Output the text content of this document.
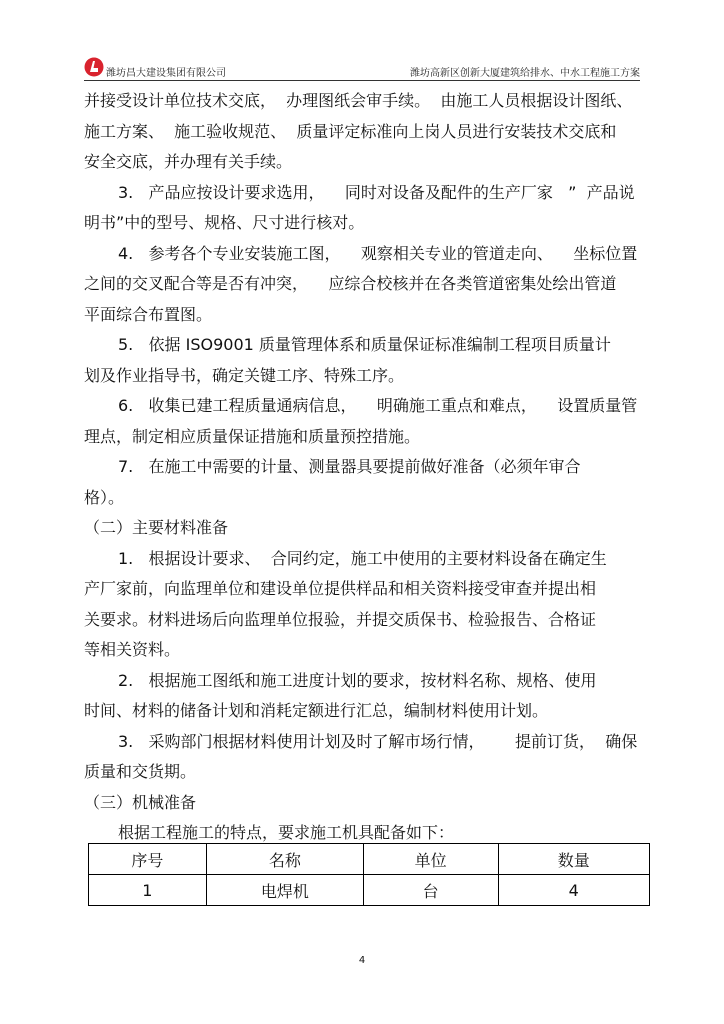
潍坊昌大建设集团有限公司	潍坊高新区创新大厦建筑给排水、中水工程施工方案
并接受设计单位技术交底，  办理图纸会审手续。  由施工人员根据设计图纸、
施工方案、  施工验收规范、  质量评定标准向上岗人员进行安装技术交底和
安全交底，并办理有关手续。
3.   产品应按设计要求选用，    同时对设备及配件的生产厂家   ”  产品说
明书”中的型号、规格、尺寸进行核对。
4.   参考各个专业安装施工图，    观察相关专业的管道走向、    坐标位置
之间的交叉配合等是否有冲突，    应综合校核并在各类管道密集处绘出管道
平面综合布置图。
5.   依据 ISO9001 质量管理体系和质量保证标准编制工程项目质量计
划及作业指导书，确定关键工序、特殊工序。
6.   收集已建工程质量通病信息，    明确施工重点和难点，    设置质量管
理点，制定相应质量保证措施和质量预控措施。
7.   在施工中需要的计量、测量器具要提前做好准备（必须年审合
格）。
（二）主要材料准备
1.   根据设计要求、  合同约定，施工中使用的主要材料设备在确定生
产厂家前，向监理单位和建设单位提供样品和相关资料接受审查并提出相
关要求。材料进场后向监理单位报验，并提交质保书、检验报告、合格证
等相关资料。
2.   根据施工图纸和施工进度计划的要求，按材料名称、规格、使用
时间、材料的储备计划和消耗定额进行汇总，编制材料使用计划。
3.   采购部门根据材料使用计划及时了解市场行情，      提前订货，  确保
质量和交货期。
（三）机械准备
根据工程施工的特点，要求施工机具配备如下：
序号	名称	单位	数量
1	电焊机	台	4
4
